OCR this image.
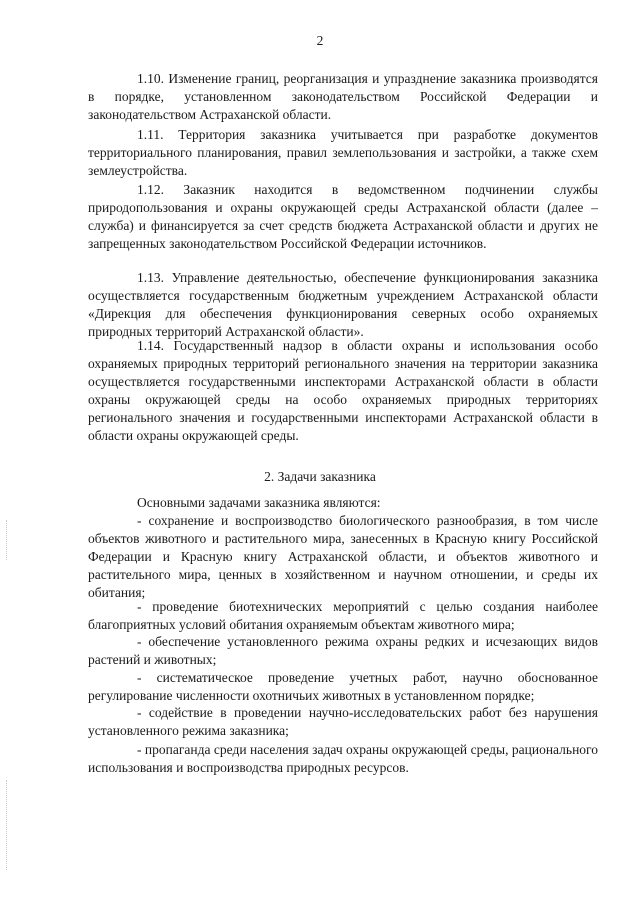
2

1.10. Изменение границ, реорганизация и упразднение заказника производятся в порядке, установленном законодательством Российской Федерации и законодательством Астраханской области.

1.11. Территория заказника учитывается при разработке документов территориального планирования, правил землепользования и застройки, а также схем землеустройства.

1.12. Заказник находится в ведомственном подчинении службы природопользования и охраны окружающей среды Астраханской области (далее – служба) и финансируется за счет средств бюджета Астраханской области и других не запрещенных законодательством Российской Федерации источников.

1.13. Управление деятельностью, обеспечение функционирования заказника осуществляется государственным бюджетным учреждением Астраханской области «Дирекция для обеспечения функционирования северных особо охраняемых природных территорий Астраханской области».

1.14. Государственный надзор в области охраны и использования особо охраняемых природных территорий регионального значения на территории заказника осуществляется государственными инспекторами Астраханской области в области охраны окружающей среды на особо охраняемых природных территориях регионального значения и государственными инспекторами Астраханской области в области охраны окружающей среды.

2. Задачи заказника

Основными задачами заказника являются:

- сохранение и воспроизводство биологического разнообразия, в том числе объектов животного и растительного мира, занесенных в Красную книгу Российской Федерации и Красную книгу Астраханской области, и объектов животного и растительного мира, ценных в хозяйственном и научном отношении, и среды их обитания;

- проведение биотехнических мероприятий с целью создания наиболее благоприятных условий обитания охраняемым объектам животного мира;

- обеспечение установленного режима охраны редких и исчезающих видов растений и животных;

- систематическое проведение учетных работ, научно обоснованное регулирование численности охотничьих животных в установленном порядке;

- содействие в проведении научно-исследовательских работ без нарушения установленного режима заказника;

- пропаганда среди населения задач охраны окружающей среды, рационального использования и воспроизводства природных ресурсов.
